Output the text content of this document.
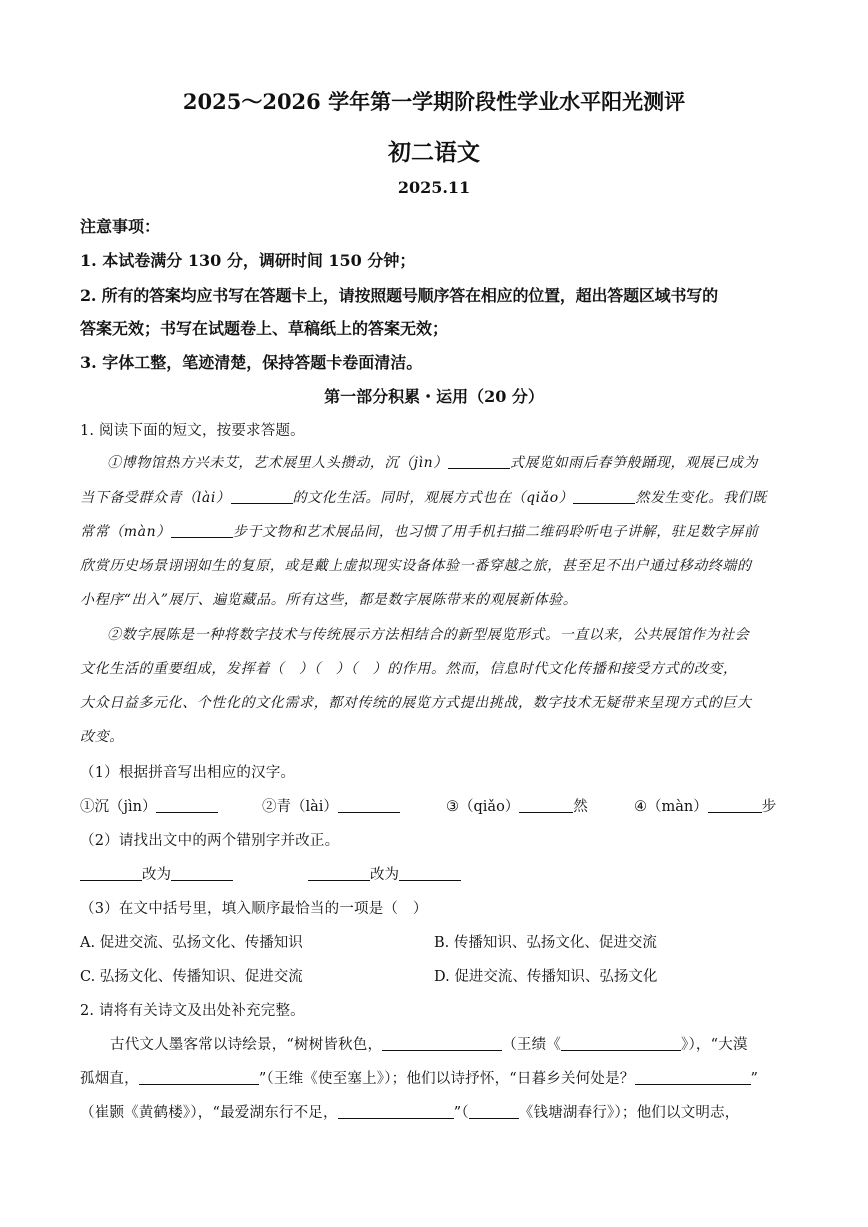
2025～2026 学年第一学期阶段性学业水平阳光测评
初二语文
2025.11
注意事项：
1. 本试卷满分 130 分，调研时间 150 分钟；
2. 所有的答案均应书写在答题卡上，请按照题号顺序答在相应的位置，超出答题区域书写的
答案无效；书写在试题卷上、草稿纸上的答案无效；
3. 字体工整，笔迹清楚，保持答题卡卷面清洁。
第一部分积累・运用（20 分）
1. 阅读下面的短文，按要求答题。
①博物馆热方兴未艾，艺术展里人头攒动，沉（jìn）	式展览如雨后春笋般踊现，观展已成为
当下备受群众青（lài）	的文化生活。同时，观展方式也在（qiǎo）	然发生变化。我们既
常常（màn）	步于文物和艺术展品间，也习惯了用手机扫描二维码聆听电子讲解，驻足数字屏前
欣赏历史场景诩诩如生的复原，或是戴上虚拟现实设备体验一番穿越之旅，甚至足不出户通过移动终端的
小程序“出入”展厅、遍览藏品。所有这些，都是数字展陈带来的观展新体验。
②数字展陈是一种将数字技术与传统展示方法相结合的新型展览形式。一直以来，公共展馆作为社会
文化生活的重要组成，发挥着（　）（　）（　）的作用。然而，信息时代文化传播和接受方式的改变，
大众日益多元化、个性化的文化需求，都对传统的展览方式提出挑战，数字技术无疑带来呈现方式的巨大
改变。
（1）根据拼音写出相应的汉字。
①沉（jìn）	②青（lài）	③（qiǎo）	然	④（màn）	步
（2）请找出文中的两个错别字并改正。
改为	改为
（3）在文中括号里，填入顺序最恰当的一项是（　）
A. 促进交流、弘扬文化、传播知识	B. 传播知识、弘扬文化、促进交流
C. 弘扬文化、传播知识、促进交流	D. 促进交流、传播知识、弘扬文化
2. 请将有关诗文及出处补充完整。
古代文人墨客常以诗绘景，“树树皆秋色，	（王绩《	》），“大漠
孤烟直，	”（王维《使至塞上》）；他们以诗抒怀，“日暮乡关何处是？	”
（崔颢《黄鹤楼》），“最爱湖东行不足，	”（	《钱塘湖春行》）；他们以文明志，
